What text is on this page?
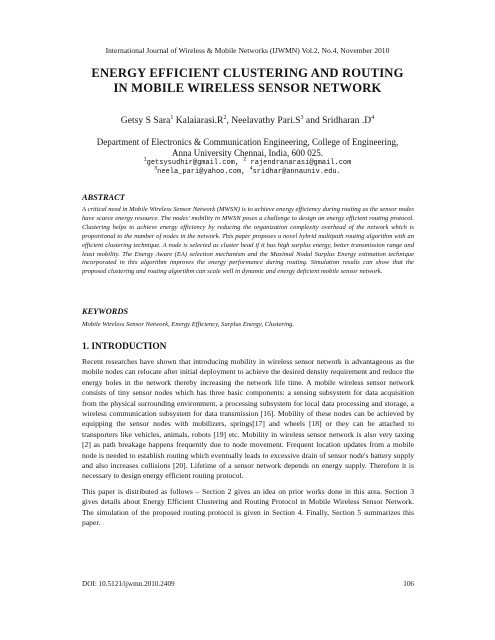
International Journal of Wireless & Mobile Networks (IJWMN) Vol.2, No.4, November 2010
ENERGY EFFICIENT CLUSTERING AND ROUTING
IN MOBILE WIRELESS SENSOR NETWORK
Getsy S Sara$^1$ $Kalaiarasi.R^2$, Neelavathy $Pari.S^3$ and Sridharan $.D^4$
Department of Electronics & Communication Engineering, College of Engineering,
Anna University Chennai, India, 600 025.
$^1$getsysudhir@gmail.com, $^2$ rajendranarasi@gmail.com
$^3$neela_pari@yahoo.com, $^4$sridhar@annauniv.edu.
ABSTRACT
A critical need in Mobile Wireless Sensor Network (MWSN) is to achieve energy efficiency during routing as the sensor nodes have scarce energy resource. The nodes' mobility in MWSN poses a challenge to design an energy efficient routing protocol. Clustering helps to achieve energy efficiency by reducing the organization complexity overhead of the network which is proportional to the number of nodes in the network. This paper proposes a novel hybrid multipath routing algorithm with an efficient clustering technique. A node is selected as cluster head if it has high surplus energy, better transmission range and least mobility. The Energy Aware (EA) selection mechanism and the Maximal Nodal Surplus Energy estimation technique incorporated in this algorithm improves the energy performance during routing. Simulation results can show that the proposed clustering and routing algorithm can scale well in dynamic and energy deficient mobile sensor network.
KEYWORDS
Mobile Wireless Sensor Network, Energy Efficiency, Surplus Energy, Clustering.
1. INTRODUCTION

Recent researches have shown that introducing mobility in wireless sensor network is advantageous as the mobile nodes can relocate after initial deployment to achieve the desired density requirement and reduce the energy holes in the network thereby increasing the network life time. A mobile wireless sensor network consists of tiny sensor nodes which has three basic components: a sensing subsystem for data acquisition from the physical surrounding environment, a processing subsystem for local data processing and storage, a wireless communication subsystem for data transmission [16]. Mobility of these nodes can be achieved by equipping the sensor nodes with mobilizers, springs[17] and wheels [18] or they can be attached to transporters like vehicles, animals, robots [19] etc. Mobility in wireless sensor network is also very taxing [2] as path breakage happens frequently due to node movement. Frequent location updates from a mobile node is needed to establish routing which eventually leads to excessive drain of sensor node's battery supply and also increases collisions [20]. Lifetime of a sensor network depends on energy supply. Therefore it is necessary to design energy efficient routing protocol.

This paper is distributed as follows – Section 2 gives an idea on prior works done in this area. Section 3 gives details about Energy Efficient Clustering and Routing Protocol in Mobile Wireless Sensor Network. The simulation of the proposed routing protocol is given in Section 4. Finally, Section 5 summarizes this paper.

DOI: 10.5121/ijwmn.2010.2409	106
